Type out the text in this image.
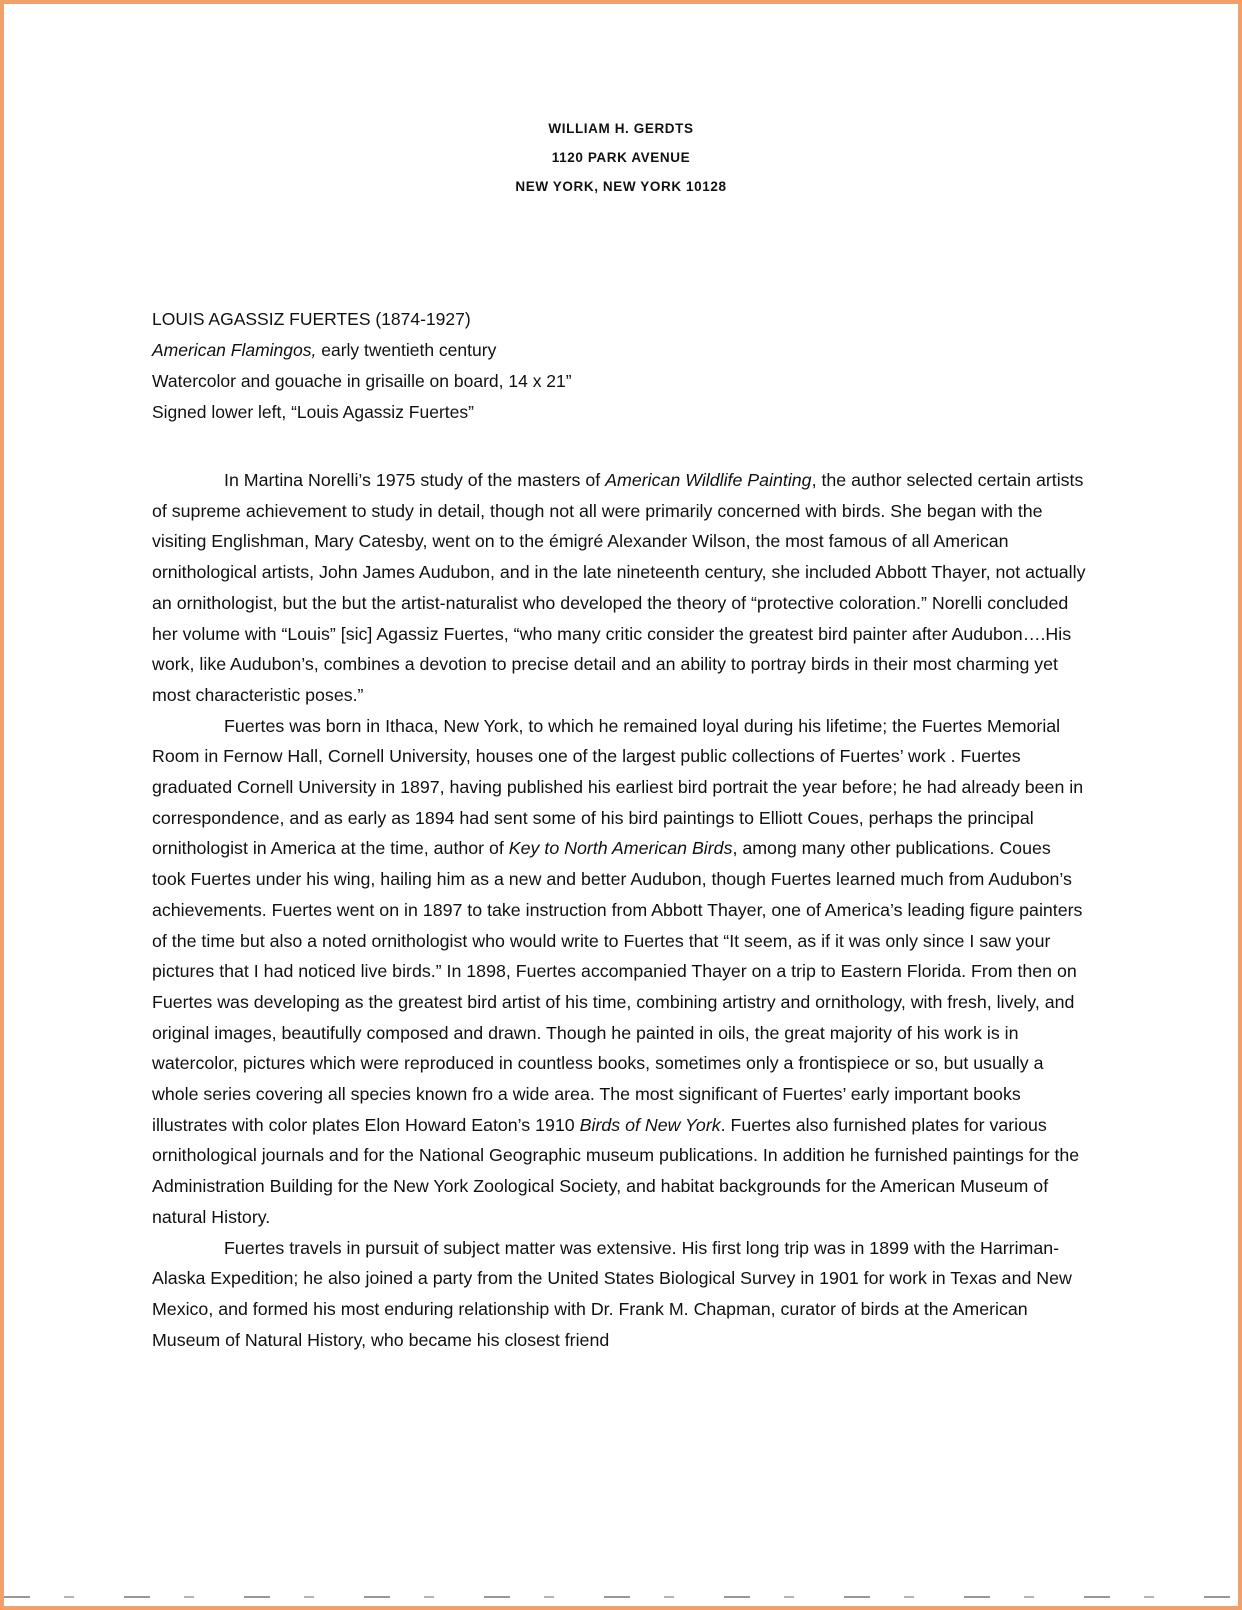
WILLIAM H. GERDTS
1120 PARK AVENUE
NEW YORK, NEW YORK 10128
LOUIS AGASSIZ FUERTES (1874-1927)
American Flamingos, early twentieth century
Watercolor and gouache in grisaille on board, 14 x 21”
Signed lower left, “Louis Agassiz Fuertes”

In Martina Norelli’s 1975 study of the masters of American Wildlife Painting, the author selected certain artists of supreme achievement to study in detail, though not all were primarily concerned with birds. She began with the visiting Englishman, Mary Catesby, went on to the émigré Alexander Wilson, the most famous of all American ornithological artists, John James Audubon, and in the late nineteenth century, she included Abbott Thayer, not actually an ornithologist, but the but the artist-naturalist who developed the theory of “protective coloration.” Norelli concluded her volume with “Louis” [sic] Agassiz Fuertes, “who many critic consider the greatest bird painter after Audubon….His work, like Audubon’s, combines a devotion to precise detail and an ability to portray birds in their most charming yet most characteristic poses.”

Fuertes was born in Ithaca, New York, to which he remained loyal during his lifetime; the Fuertes Memorial Room in Fernow Hall, Cornell University, houses one of the largest public collections of Fuertes’ work . Fuertes graduated Cornell University in 1897, having published his earliest bird portrait the year before; he had already been in correspondence, and as early as 1894 had sent some of his bird paintings to Elliott Coues, perhaps the principal ornithologist in America at the time, author of Key to North American Birds, among many other publications. Coues took Fuertes under his wing, hailing him as a new and better Audubon, though Fuertes learned much from Audubon’s achievements. Fuertes went on in 1897 to take instruction from Abbott Thayer, one of America’s leading figure painters of the time but also a noted ornithologist who would write to Fuertes that “It seem, as if it was only since I saw your pictures that I had noticed live birds.” In 1898, Fuertes accompanied Thayer on a trip to Eastern Florida. From then on Fuertes was developing as the greatest bird artist of his time, combining artistry and ornithology, with fresh, lively, and original images, beautifully composed and drawn. Though he painted in oils, the great majority of his work is in watercolor, pictures which were reproduced in countless books, sometimes only a frontispiece or so, but usually a whole series covering all species known fro a wide area. The most significant of Fuertes’ early important books illustrates with color plates Elon Howard Eaton’s 1910 Birds of New York. Fuertes also furnished plates for various ornithological journals and for the National Geographic museum publications. In addition he furnished paintings for the Administration Building for the New York Zoological Society, and habitat backgrounds for the American Museum of natural History.

Fuertes travels in pursuit of subject matter was extensive. His first long trip was in 1899 with the Harriman-Alaska Expedition; he also joined a party from the United States Biological Survey in 1901 for work in Texas and New Mexico, and formed his most enduring relationship with Dr. Frank M. Chapman, curator of birds at the American Museum of Natural History, who became his closest friend
